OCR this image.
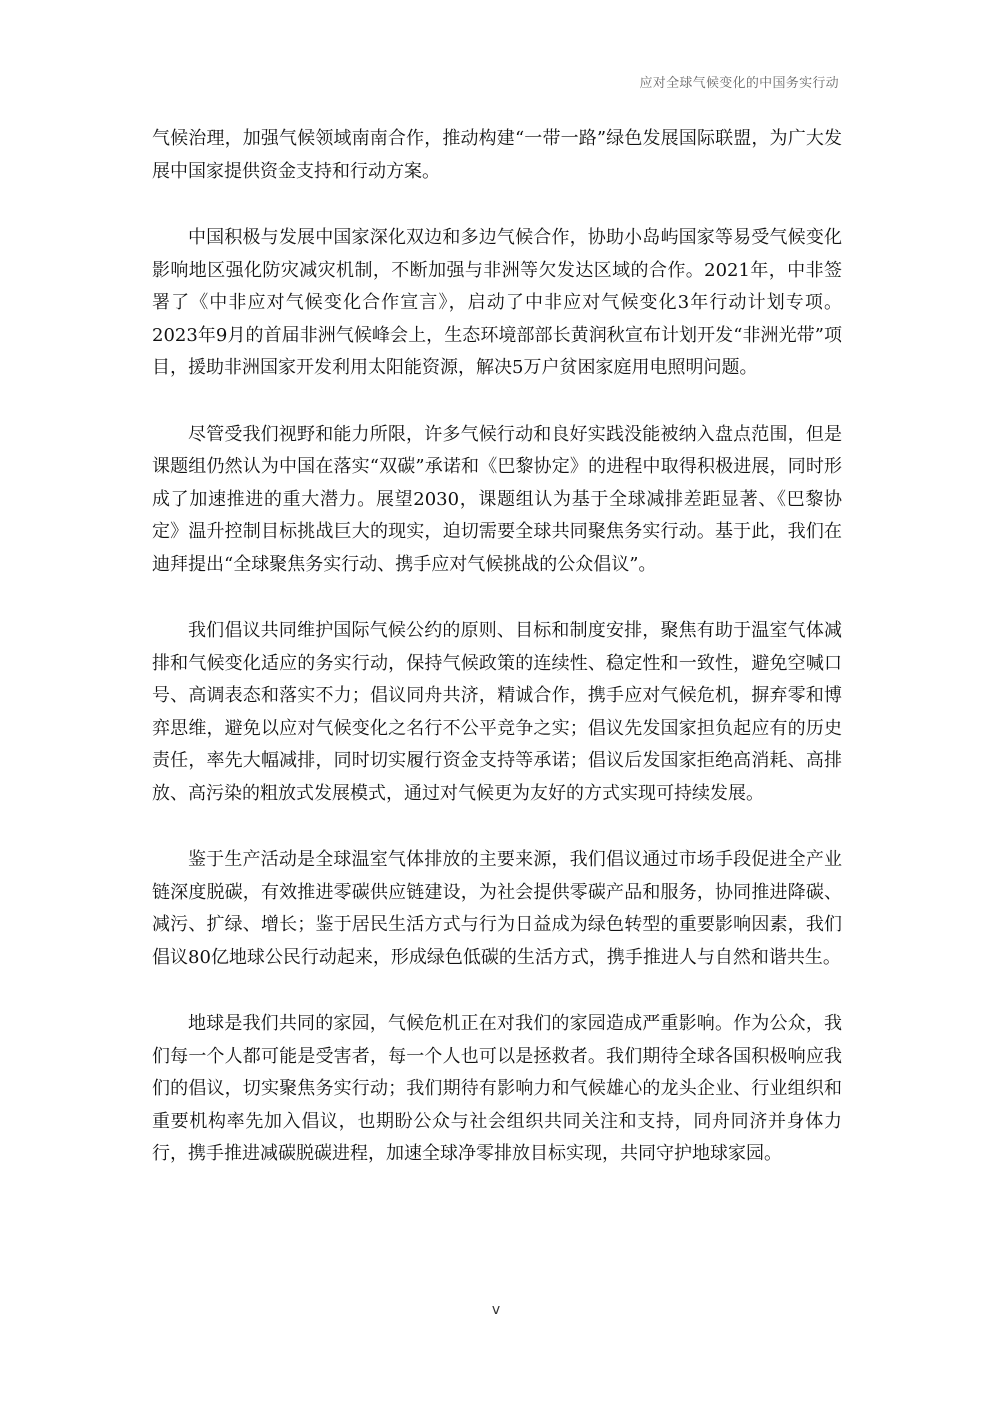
应对全球气候变化的中国务实行动

气候治理，加强气候领域南南合作，推动构建“一带一路”绿色发展国际联盟，为广大发展中国家提供资金支持和行动方案。

中国积极与发展中国家深化双边和多边气候合作，协助小岛屿国家等易受气候变化影响地区强化防灾减灾机制，不断加强与非洲等欠发达区域的合作。2021年，中非签署了《中非应对气候变化合作宣言》，启动了中非应对气候变化3年行动计划专项。2023年9月的首届非洲气候峰会上，生态环境部部长黄润秋宣布计划开发“非洲光带”项目，援助非洲国家开发利用太阳能资源，解决5万户贫困家庭用电照明问题。

尽管受我们视野和能力所限，许多气候行动和良好实践没能被纳入盘点范围，但是课题组仍然认为中国在落实“双碳”承诺和《巴黎协定》的进程中取得积极进展，同时形成了加速推进的重大潜力。展望2030，课题组认为基于全球减排差距显著、《巴黎协定》温升控制目标挑战巨大的现实，迫切需要全球共同聚焦务实行动。基于此，我们在迪拜提出“全球聚焦务实行动、携手应对气候挑战的公众倡议”。

我们倡议共同维护国际气候公约的原则、目标和制度安排，聚焦有助于温室气体减排和气候变化适应的务实行动，保持气候政策的连续性、稳定性和一致性，避免空喊口号、高调表态和落实不力；倡议同舟共济，精诚合作，携手应对气候危机，摒弃零和博弈思维，避免以应对气候变化之名行不公平竞争之实；倡议先发国家担负起应有的历史责任，率先大幅减排，同时切实履行资金支持等承诺；倡议后发国家拒绝高消耗、高排放、高污染的粗放式发展模式，通过对气候更为友好的方式实现可持续发展。

鉴于生产活动是全球温室气体排放的主要来源，我们倡议通过市场手段促进全产业链深度脱碳，有效推进零碳供应链建设，为社会提供零碳产品和服务，协同推进降碳、减污、扩绿、增长；鉴于居民生活方式与行为日益成为绿色转型的重要影响因素，我们倡议80亿地球公民行动起来，形成绿色低碳的生活方式，携手推进人与自然和谐共生。

地球是我们共同的家园，气候危机正在对我们的家园造成严重影响。作为公众，我们每一个人都可能是受害者，每一个人也可以是拯救者。我们期待全球各国积极响应我们的倡议，切实聚焦务实行动；我们期待有影响力和气候雄心的龙头企业、行业组织和重要机构率先加入倡议，也期盼公众与社会组织共同关注和支持，同舟同济并身体力行，携手推进减碳脱碳进程，加速全球净零排放目标实现，共同守护地球家园。

v
